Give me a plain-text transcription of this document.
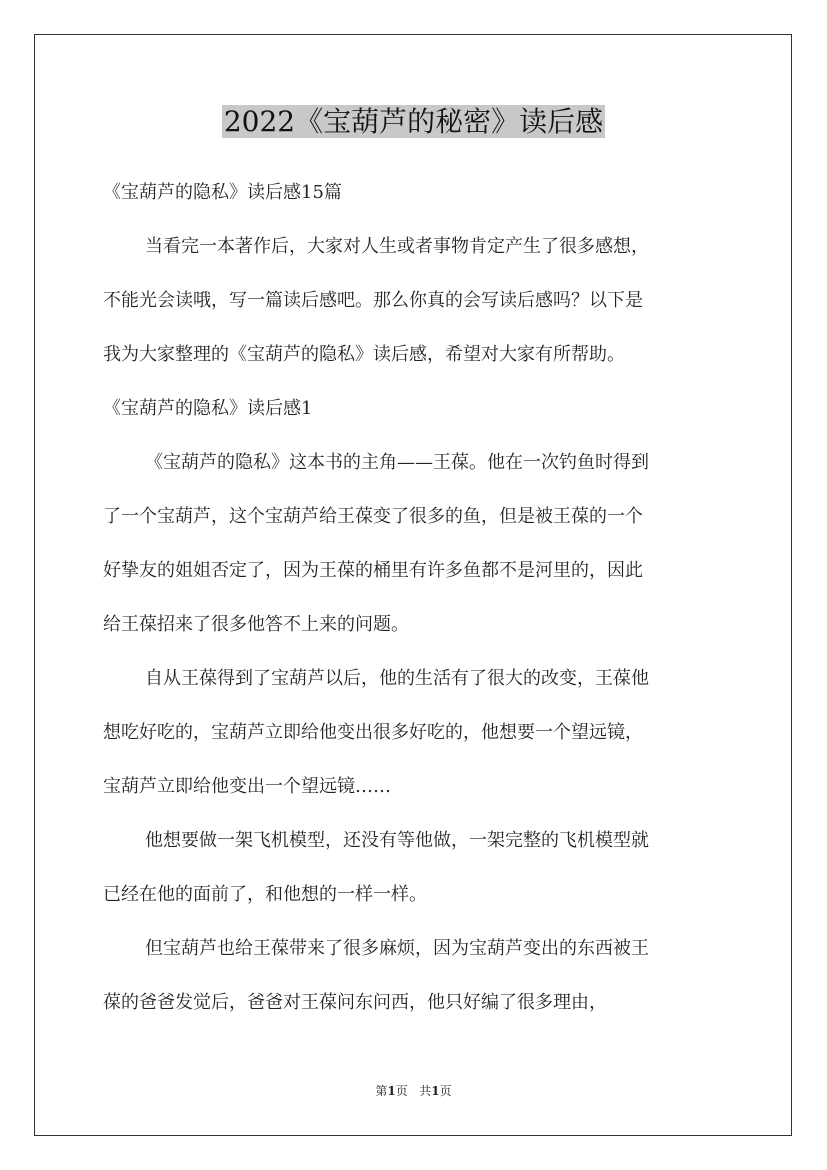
2022《宝葫芦的秘密》读后感
《宝葫芦的隐私》读后感15篇
当看完一本著作后，大家对人生或者事物肯定产生了很多感想，
不能光会读哦，写一篇读后感吧。那么你真的会写读后感吗？以下是
我为大家整理的《宝葫芦的隐私》读后感，希望对大家有所帮助。
《宝葫芦的隐私》读后感1
《宝葫芦的隐私》这本书的主角——王葆。他在一次钓鱼时得到
了一个宝葫芦，这个宝葫芦给王葆变了很多的鱼，但是被王葆的一个
好挚友的姐姐否定了，因为王葆的桶里有许多鱼都不是河里的，因此
给王葆招来了很多他答不上来的问题。
自从王葆得到了宝葫芦以后，他的生活有了很大的改变，王葆他
想吃好吃的，宝葫芦立即给他变出很多好吃的，他想要一个望远镜，
宝葫芦立即给他变出一个望远镜……
他想要做一架飞机模型，还没有等他做，一架完整的飞机模型就
已经在他的面前了，和他想的一样一样。
但宝葫芦也给王葆带来了很多麻烦，因为宝葫芦变出的东西被王
葆的爸爸发觉后，爸爸对王葆问东问西，他只好编了很多理由，
第1页 共1页
